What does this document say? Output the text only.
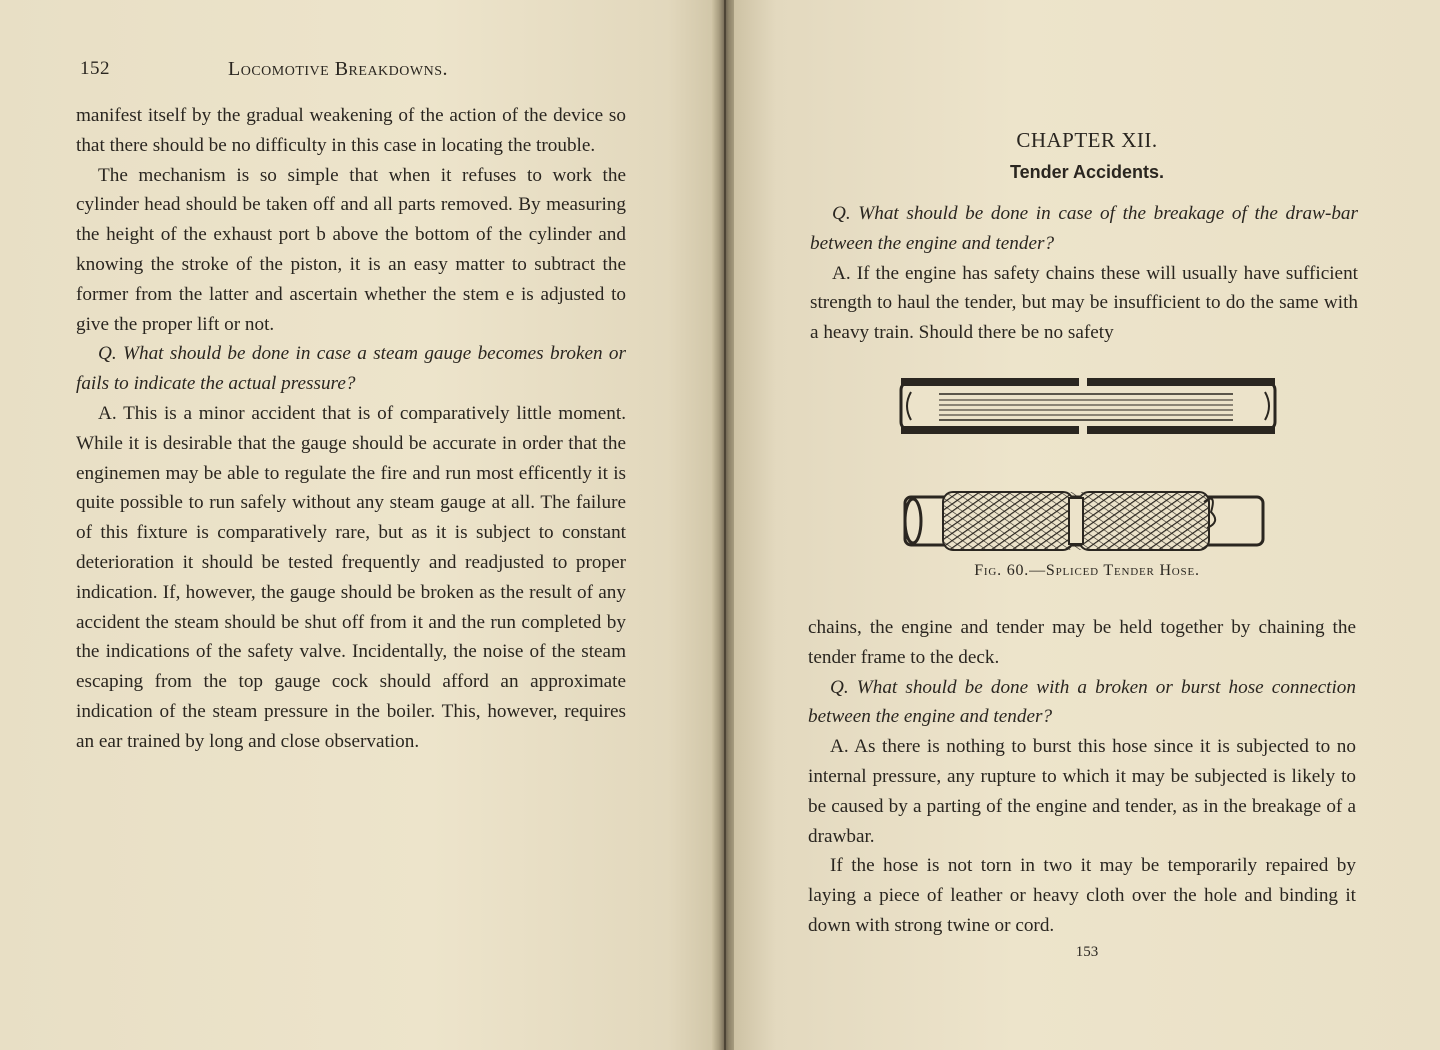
152	Locomotive Breakdowns.

manifest itself by the gradual weakening of the action of the device so that there should be no difficulty in this case in locating the trouble.

The mechanism is so simple that when it refuses to work the cylinder head should be taken off and all parts removed. By measuring the height of the exhaust port b above the bottom of the cylinder and knowing the stroke of the piston, it is an easy matter to subtract the former from the latter and ascertain whether the stem e is adjusted to give the proper lift or not.

Q. What should be done in case a steam gauge becomes broken or fails to indicate the actual pressure?

A. This is a minor accident that is of comparatively little moment. While it is desirable that the gauge should be accurate in order that the enginemen may be able to regulate the fire and run most efficently it is quite possible to run safely without any steam gauge at all. The failure of this fixture is comparatively rare, but as it is subject to constant deterioration it should be tested frequently and readjusted to proper indication. If, however, the gauge should be broken as the result of any accident the steam should be shut off from it and the run completed by the indications of the safety valve. Incidentally, the noise of the steam escaping from the top gauge cock should afford an approximate indication of the steam pressure in the boiler. This, however, requires an ear trained by long and close observation.

CHAPTER XII.
Tender Accidents.

Q. What should be done in case of the breakage of the draw-bar between the engine and tender?

A. If the engine has safety chains these will usually have sufficient strength to haul the tender, but may be insufficient to do the same with a heavy train. Should there be no safety

Fig. 60.—Spliced Tender Hose.

chains, the engine and tender may be held together by chaining the tender frame to the deck.

Q. What should be done with a broken or burst hose connection between the engine and tender?

A. As there is nothing to burst this hose since it is subjected to no internal pressure, any rupture to which it may be subjected is likely to be caused by a parting of the engine and tender, as in the breakage of a drawbar.

If the hose is not torn in two it may be temporarily repaired by laying a piece of leather or heavy cloth over the hole and binding it down with strong twine or cord.

153
